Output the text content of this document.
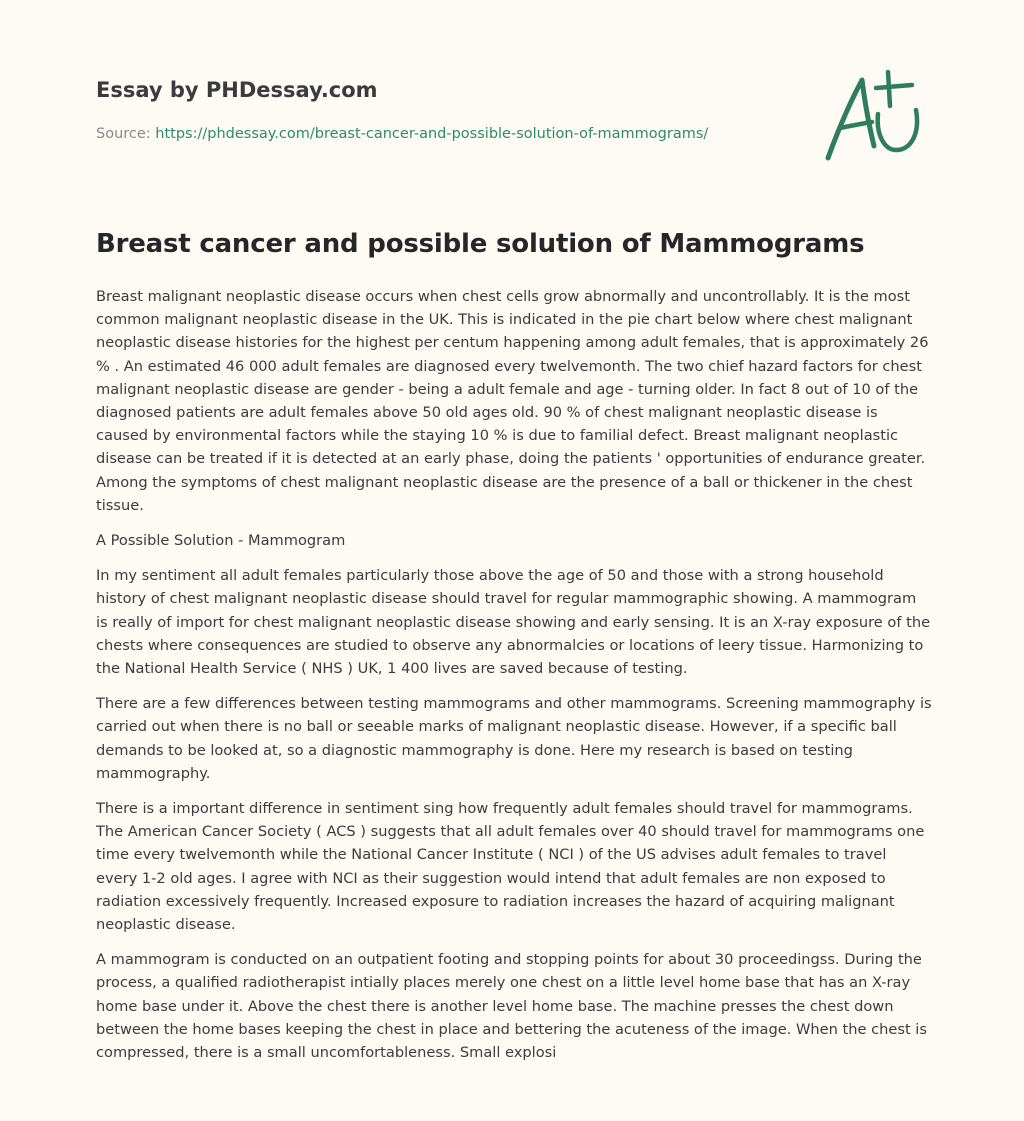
Essay by PHDessay.com
Source: https://phdessay.com/breast-cancer-and-possible-solution-of-mammograms/
Breast cancer and possible solution of Mammograms

Breast malignant neoplastic disease occurs when chest cells grow abnormally and uncontrollably. It is the most common malignant neoplastic disease in the UK. This is indicated in the pie chart below where chest malignant neoplastic disease histories for the highest per centum happening among adult females, that is approximately 26 % . An estimated 46 000 adult females are diagnosed every twelvemonth. The two chief hazard factors for chest malignant neoplastic disease are gender - being a adult female and age - turning older. In fact 8 out of 10 of the diagnosed patients are adult females above 50 old ages old. 90 % of chest malignant neoplastic disease is caused by environmental factors while the staying 10 % is due to familial defect. Breast malignant neoplastic disease can be treated if it is detected at an early phase, doing the patients ' opportunities of endurance greater. Among the symptoms of chest malignant neoplastic disease are the presence of a ball or thickener in the chest tissue.

A Possible Solution - Mammogram

In my sentiment all adult females particularly those above the age of 50 and those with a strong household history of chest malignant neoplastic disease should travel for regular mammographic showing. A mammogram is really of import for chest malignant neoplastic disease showing and early sensing. It is an X-ray exposure of the chests where consequences are studied to observe any abnormalcies or locations of leery tissue. Harmonizing to the National Health Service ( NHS ) UK, 1 400 lives are saved because of testing.

There are a few differences between testing mammograms and other mammograms. Screening mammography is carried out when there is no ball or seeable marks of malignant neoplastic disease. However, if a specific ball demands to be looked at, so a diagnostic mammography is done. Here my research is based on testing mammography.

There is a important difference in sentiment sing how frequently adult females should travel for mammograms. The American Cancer Society ( ACS ) suggests that all adult females over 40 should travel for mammograms one time every twelvemonth while the National Cancer Institute ( NCI ) of the US advises adult females to travel every 1-2 old ages. I agree with NCI as their suggestion would intend that adult females are non exposed to radiation excessively frequently. Increased exposure to radiation increases the hazard of acquiring malignant neoplastic disease.

A mammogram is conducted on an outpatient footing and stopping points for about 30 proceedingss. During the process, a qualified radiotherapist intially places merely one chest on a little level home base that has an X-ray home base under it. Above the chest there is another level home base. The machine presses the chest down between the home bases keeping the chest in place and bettering the acuteness of the image. When the chest is compressed, there is a small uncomfortableness. Small explosi
